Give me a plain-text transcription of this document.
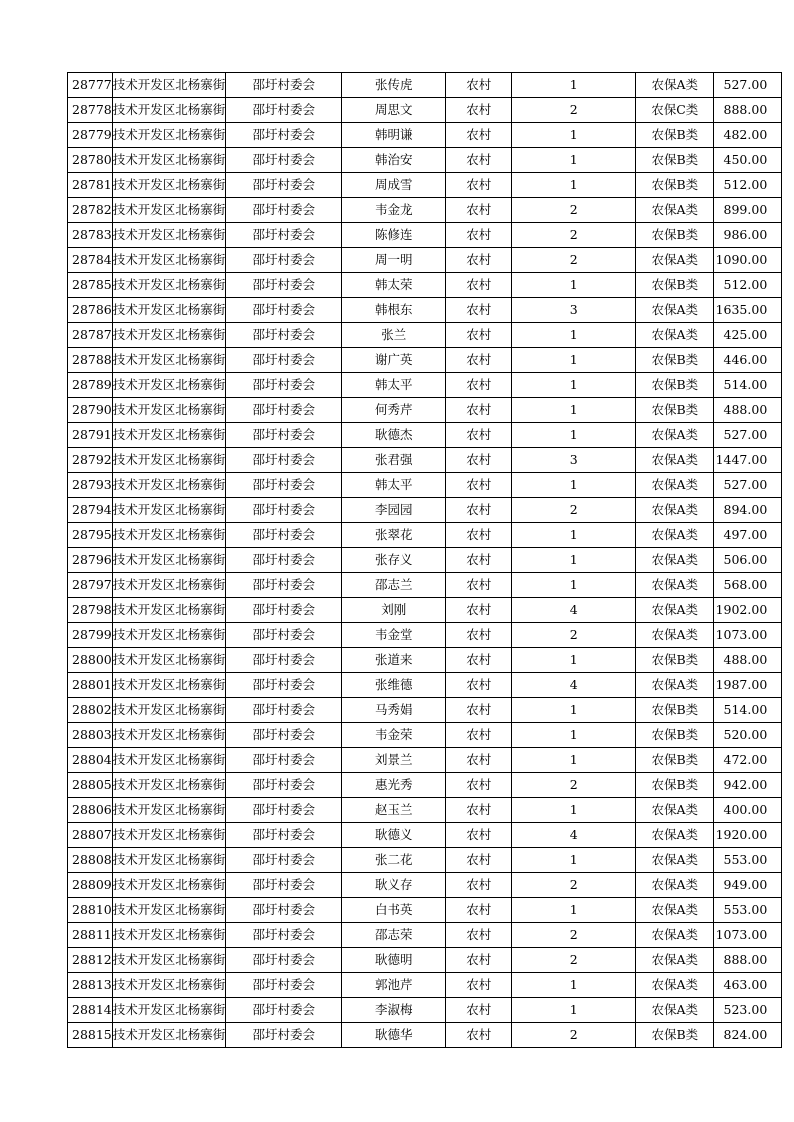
28777	技术开发区北杨寨街	邵圩村委会	张传虎	农村	1	农保A类	527.00
28778	技术开发区北杨寨街	邵圩村委会	周思文	农村	2	农保C类	888.00
28779	技术开发区北杨寨街	邵圩村委会	韩明谦	农村	1	农保B类	482.00
28780	技术开发区北杨寨街	邵圩村委会	韩治安	农村	1	农保B类	450.00
28781	技术开发区北杨寨街	邵圩村委会	周成雪	农村	1	农保B类	512.00
28782	技术开发区北杨寨街	邵圩村委会	韦金龙	农村	2	农保A类	899.00
28783	技术开发区北杨寨街	邵圩村委会	陈修连	农村	2	农保B类	986.00
28784	技术开发区北杨寨街	邵圩村委会	周一明	农村	2	农保A类	1090.00
28785	技术开发区北杨寨街	邵圩村委会	韩太荣	农村	1	农保B类	512.00
28786	技术开发区北杨寨街	邵圩村委会	韩根东	农村	3	农保A类	1635.00
28787	技术开发区北杨寨街	邵圩村委会	张兰	农村	1	农保A类	425.00
28788	技术开发区北杨寨街	邵圩村委会	谢广英	农村	1	农保B类	446.00
28789	技术开发区北杨寨街	邵圩村委会	韩太平	农村	1	农保B类	514.00
28790	技术开发区北杨寨街	邵圩村委会	何秀芹	农村	1	农保B类	488.00
28791	技术开发区北杨寨街	邵圩村委会	耿德杰	农村	1	农保A类	527.00
28792	技术开发区北杨寨街	邵圩村委会	张君强	农村	3	农保A类	1447.00
28793	技术开发区北杨寨街	邵圩村委会	韩太平	农村	1	农保A类	527.00
28794	技术开发区北杨寨街	邵圩村委会	李园园	农村	2	农保A类	894.00
28795	技术开发区北杨寨街	邵圩村委会	张翠花	农村	1	农保A类	497.00
28796	技术开发区北杨寨街	邵圩村委会	张存义	农村	1	农保A类	506.00
28797	技术开发区北杨寨街	邵圩村委会	邵志兰	农村	1	农保A类	568.00
28798	技术开发区北杨寨街	邵圩村委会	刘刚	农村	4	农保A类	1902.00
28799	技术开发区北杨寨街	邵圩村委会	韦金堂	农村	2	农保A类	1073.00
28800	技术开发区北杨寨街	邵圩村委会	张道来	农村	1	农保B类	488.00
28801	技术开发区北杨寨街	邵圩村委会	张维德	农村	4	农保A类	1987.00
28802	技术开发区北杨寨街	邵圩村委会	马秀娟	农村	1	农保B类	514.00
28803	技术开发区北杨寨街	邵圩村委会	韦金荣	农村	1	农保B类	520.00
28804	技术开发区北杨寨街	邵圩村委会	刘景兰	农村	1	农保B类	472.00
28805	技术开发区北杨寨街	邵圩村委会	惠光秀	农村	2	农保B类	942.00
28806	技术开发区北杨寨街	邵圩村委会	赵玉兰	农村	1	农保A类	400.00
28807	技术开发区北杨寨街	邵圩村委会	耿德义	农村	4	农保A类	1920.00
28808	技术开发区北杨寨街	邵圩村委会	张二花	农村	1	农保A类	553.00
28809	技术开发区北杨寨街	邵圩村委会	耿义存	农村	2	农保A类	949.00
28810	技术开发区北杨寨街	邵圩村委会	白书英	农村	1	农保A类	553.00
28811	技术开发区北杨寨街	邵圩村委会	邵志荣	农村	2	农保A类	1073.00
28812	技术开发区北杨寨街	邵圩村委会	耿德明	农村	2	农保A类	888.00
28813	技术开发区北杨寨街	邵圩村委会	郭池芹	农村	1	农保A类	463.00
28814	技术开发区北杨寨街	邵圩村委会	李淑梅	农村	1	农保A类	523.00
28815	技术开发区北杨寨街	邵圩村委会	耿德华	农村	2	农保B类	824.00
